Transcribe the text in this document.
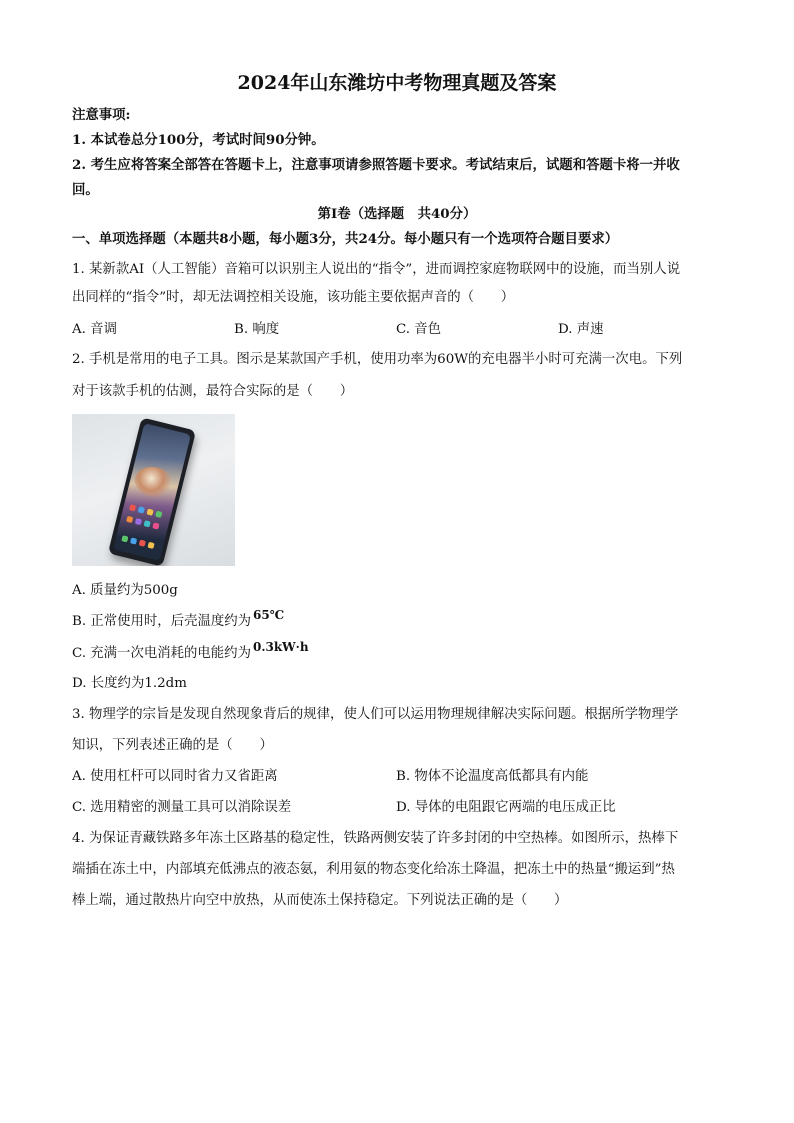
2024年山东潍坊中考物理真题及答案
注意事项:
1. 本试卷总分100分，考试时间90分钟。
2. 考生应将答案全部答在答题卡上，注意事项请参照答题卡要求。考试结束后，试题和答题卡将一并收
回。
第Ⅰ卷（选择题　共40分）
一、单项选择题（本题共8小题，每小题3分，共24分。每小题只有一个选项符合题目要求）
1. 某新款AI（人工智能）音箱可以识别主人说出的“指令”，进而调控家庭物联网中的设施，而当别人说
出同样的“指令”时，却无法调控相关设施，该功能主要依据声音的（　　）
A. 音调	B. 响度	C. 音色	D. 声速
2. 手机是常用的电子工具。图示是某款国产手机，使用功率为60W的充电器半小时可充满一次电。下列
对于该款手机的估测，最符合实际的是（　　）
A. 质量约为500g
B. 正常使用时，后壳温度约为 65℃
C. 充满一次电消耗的电能约为 0.3kW·h
D. 长度约为1.2dm
3. 物理学的宗旨是发现自然现象背后的规律，使人们可以运用物理规律解决实际问题。根据所学物理学
知识，下列表述正确的是（　　）
A. 使用杠杆可以同时省力又省距离	B. 物体不论温度高低都具有内能
C. 选用精密的测量工具可以消除误差	D. 导体的电阻跟它两端的电压成正比
4. 为保证青藏铁路多年冻土区路基的稳定性，铁路两侧安装了许多封闭的中空热棒。如图所示，热棒下
端插在冻土中，内部填充低沸点的液态氨，利用氨的物态变化给冻土降温，把冻土中的热量“搬运到”热
棒上端，通过散热片向空中放热，从而使冻土保持稳定。下列说法正确的是（　　）
